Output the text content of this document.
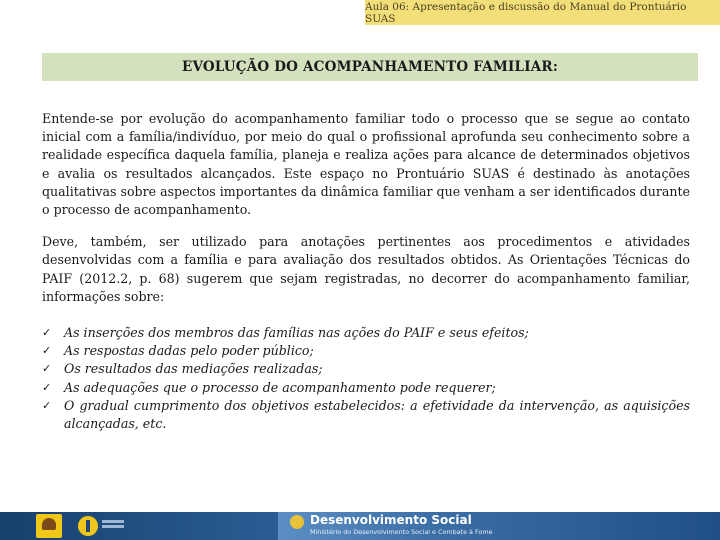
Aula 06: Apresentação e discussão do Manual do Prontuário SUAS
EVOLUÇÃO DO ACOMPANHAMENTO FAMILIAR:

Entende-se por evolução do acompanhamento familiar todo o processo que se segue ao contato inicial com a família/indivíduo, por meio do qual o profissional aprofunda seu conhecimento sobre a realidade específica daquela família, planeja e realiza ações para alcance de determinados objetivos e avalia os resultados alcançados. Este espaço no Prontuário SUAS é destinado às anotações qualitativas sobre aspectos importantes da dinâmica familiar que venham a ser identificados durante o processo de acompanhamento.

Deve, também, ser utilizado para anotações pertinentes aos procedimentos e atividades desenvolvidas com a família e para avaliação dos resultados obtidos. As Orientações Técnicas do PAIF (2012.2, p. 68) sugerem que sejam registradas, no decorrer do acompanhamento familiar, informações sobre:

✓	As inserções dos membros das famílias nas ações do PAIF e seus efeitos;
✓	As respostas dadas pelo poder público;
✓	Os resultados das mediações realizadas;
✓	As adequações que o processo de acompanhamento pode requerer;
✓	O gradual cumprimento dos objetivos estabelecidos: a efetividade da intervenção, as aquisições alcançadas, etc.
Desenvolvimento Social
Ministério do Desenvolvimento Social e Combate à Fome
